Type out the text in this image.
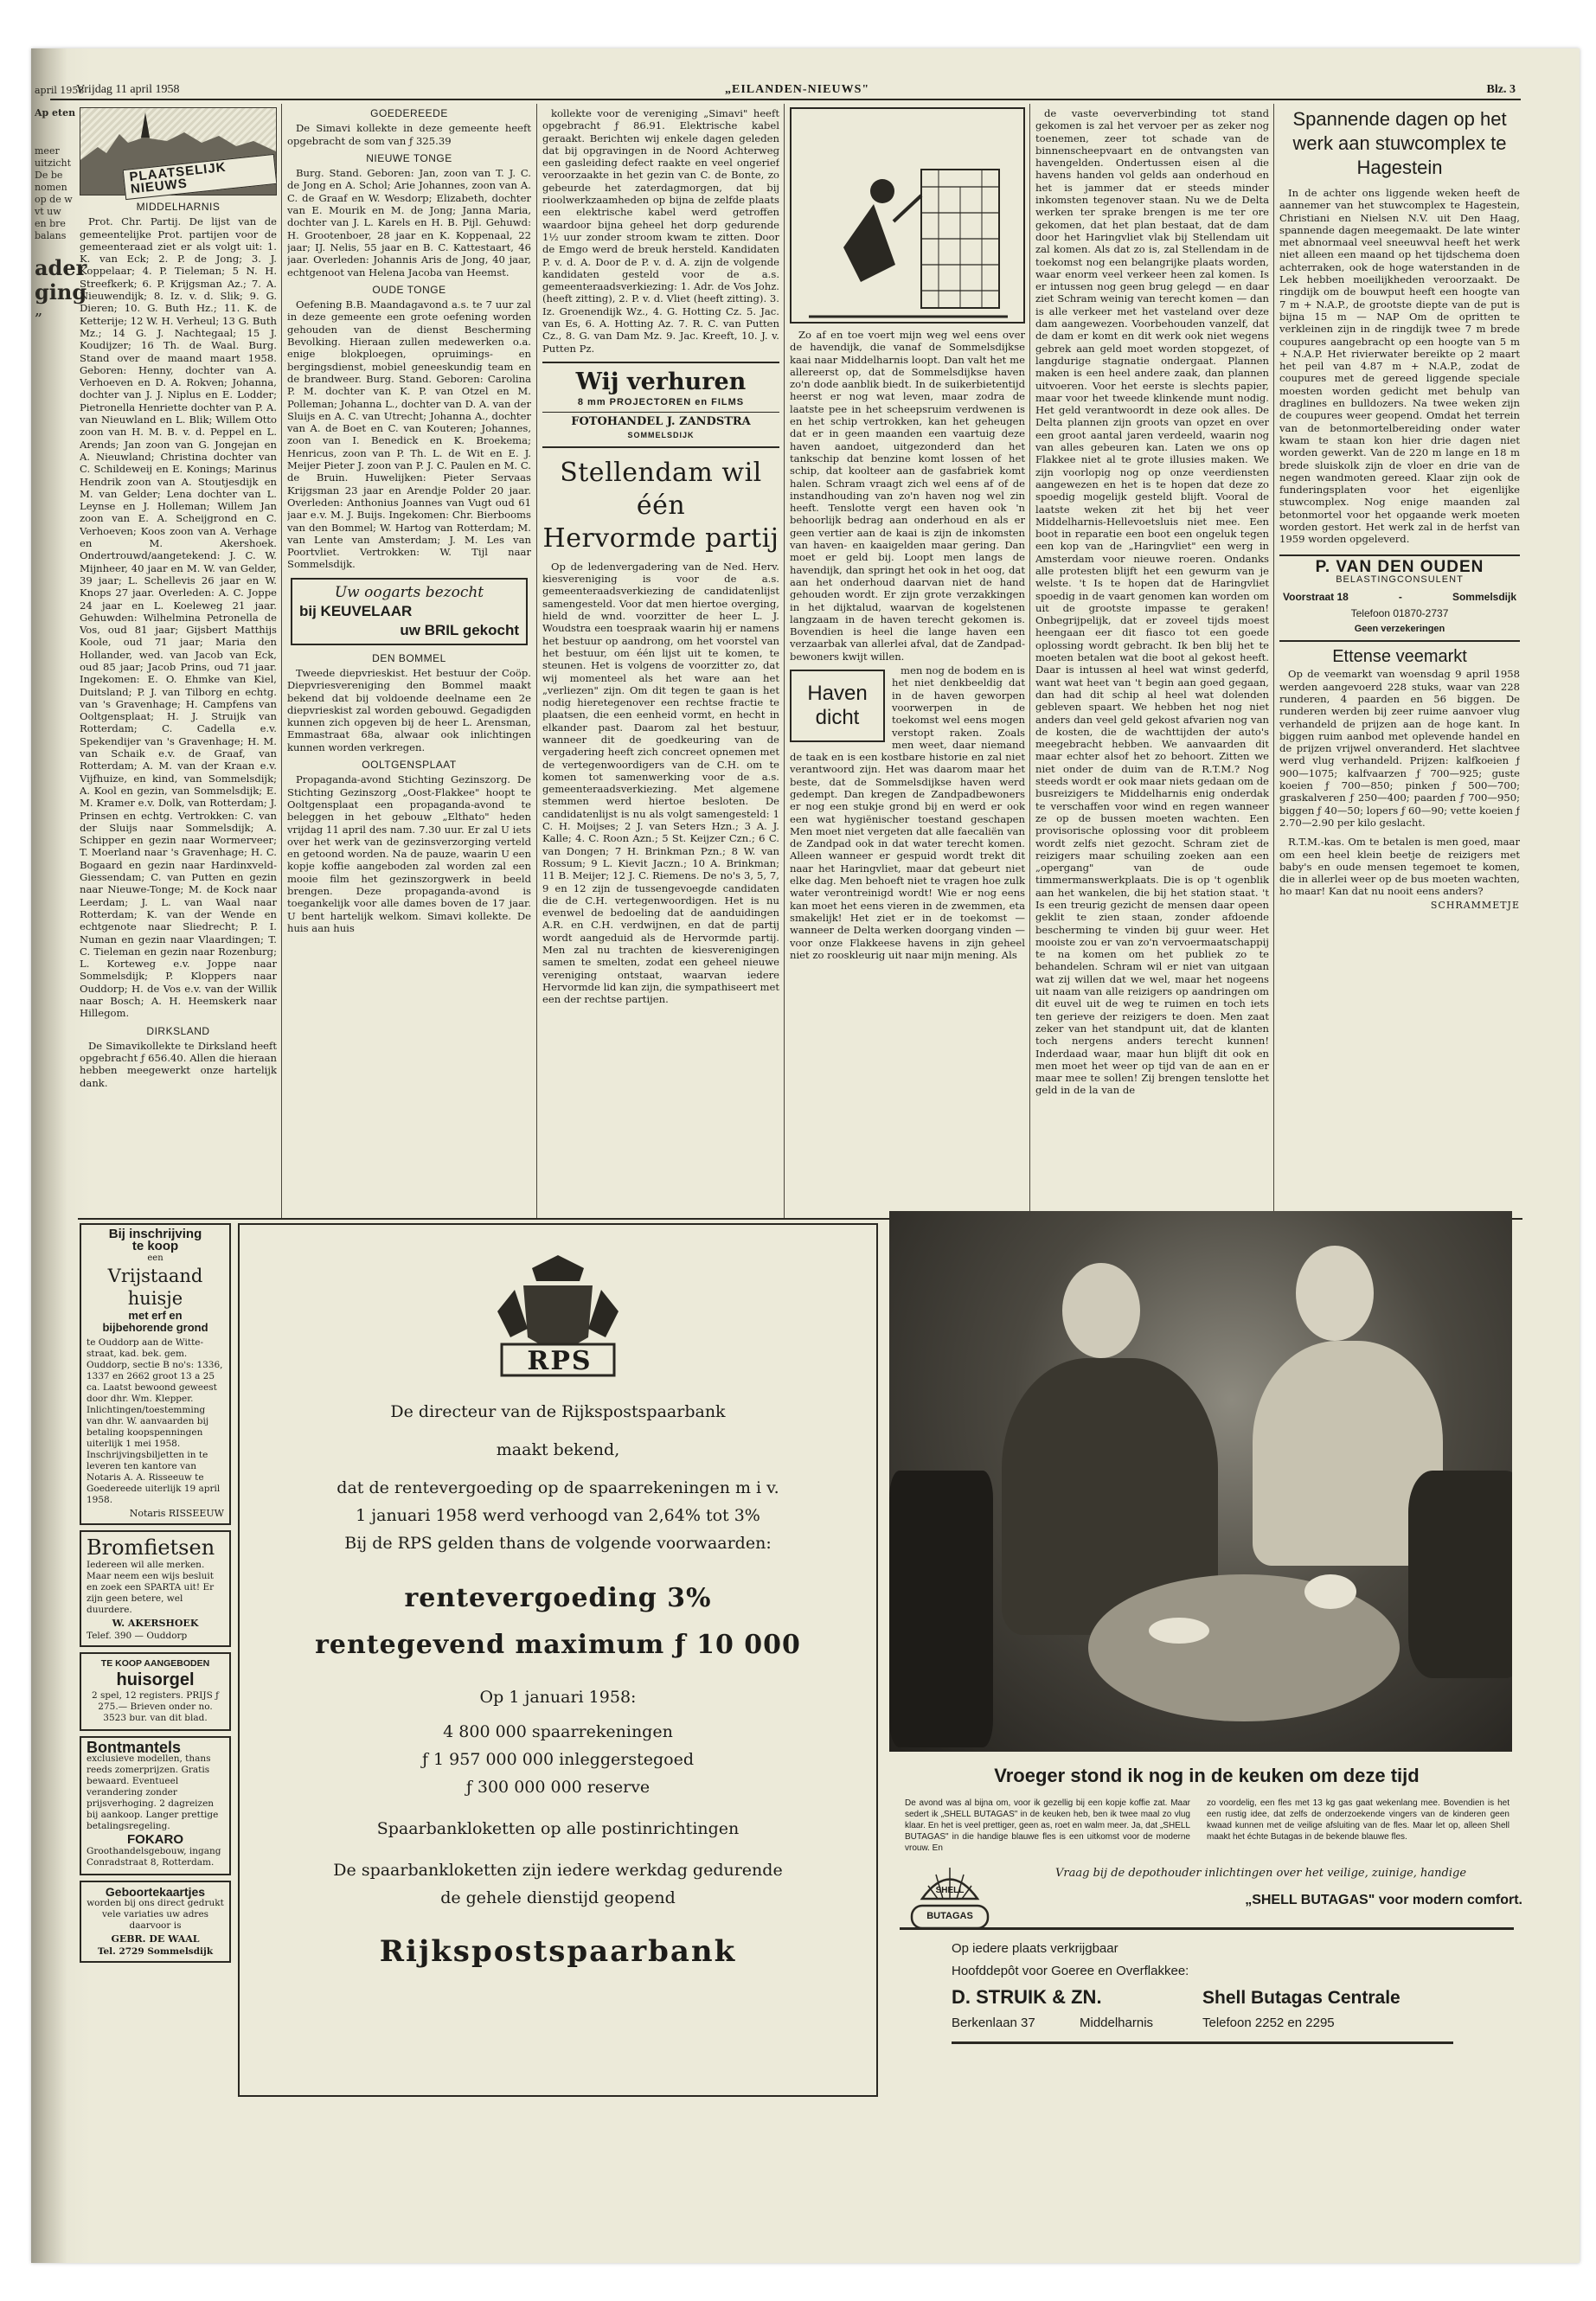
april 1958
Ap eten
meer
uitzicht
De be
nomen
op de w
vt uw
en bre
balans
ader
ging
„
Vrijdag 11 april 1958	„EILANDEN-NIEUWS"	Blz. 3
PLAATSELIJK NIEUWS
MIDDELHARNIS

Prot. Chr. Partij. De lijst van de gemeentelijke Prot. partijen voor de gemeenteraad ziet er als volgt uit: 1. K. van Eck; 2. P. de Jong; 3. J. Koppelaar; 4. P. Tieleman; 5 N. H. Streefkerk; 6. P. Krijgsman Az.; 7. A. Nieuwendijk; 8. Iz. v. d. Slik; 9. G. Dieren; 10. G. Buth Hz.; 11. K. de Ketterije; 12 W. H. Verheul; 13 G. Buth Mz.; 14 G. J. Nachtegaal; 15 J. Koudijzer; 16 Th. de Waal. Burg. Stand over de maand maart 1958. Geboren: Henny, dochter van A. Verhoeven en D. A. Rokven; Johanna, dochter van J. J. Niplus en E. Lodder; Pietronella Henriette dochter van P. A. van Nieuwland en L. Blik; Willem Otto zoon van H. M. B. v. d. Peppel en L. Arends; Jan zoon van G. Jongejan en A. Nieuwland; Christina dochter van C. Schildeweij en E. Konings; Marinus Hendrik zoon van A. Stoutjesdijk en M. van Gelder; Lena dochter van L. Leynse en J. Holleman; Willem Jan zoon van E. A. Scheijgrond en C. Verhoeven; Koos zoon van A. Verhage en M. Akershoek. Ondertrouwd/aangetekend: J. C. W. Mijnheer, 40 jaar en M. W. van Gelder, 39 jaar; L. Schellevis 26 jaar en W. Knops 27 jaar. Overleden: A. C. Joppe 24 jaar en L. Koeleweg 21 jaar. Gehuwden: Wilhelmina Petronella de Vos, oud 81 jaar; Gijsbert Matthijs Koole, oud 71 jaar; Maria den Hollander, wed. van Jacob van Eck, oud 85 jaar; Jacob Prins, oud 71 jaar. Ingekomen: E. O. Ehmke van Kiel, Duitsland; P. J. van Tilborg en echtg. van 's Gravenhage; H. Campfens van Ooltgensplaat; H. J. Struijk van Rotterdam; C. Cadella e.v. Spekendijer van 's Gravenhage; H. M. van Schaik e.v. de Graaf, van Rotterdam; A. M. van der Kraan e.v. Vijfhuize, en kind, van Sommelsdijk; A. Kool en gezin, van Sommelsdijk; E. M. Kramer e.v. Dolk, van Rotterdam; J. Prinsen en echtg. Vertrokken: C. van der Sluijs naar Sommelsdijk; A. Schipper en gezin naar Wormerveer; T. Moerland naar 's Gravenhage; H. C. Bogaard en gezin naar Hardinxveld-Giessendam; C. van Putten en gezin naar Nieuwe-Tonge; M. de Kock naar Leerdam; J. L. van Waal naar Rotterdam; K. van der Wende en echtgenote naar Sliedrecht; P. I. Numan en gezin naar Vlaardingen; T. C. Tieleman en gezin naar Rozenburg; L. Korteweg e.v. Joppe naar Sommelsdijk; P. Kloppers naar Ouddorp; H. de Vos e.v. van der Willik naar Bosch; A. H. Heemskerk naar Hillegom.

DIRKSLAND

De Simavikollekte te Dirksland heeft opgebracht ƒ 656.40. Allen die hieraan hebben meegewerkt onze hartelijk dank.

GOEDEREEDE

De Simavi kollekte in deze gemeente heeft opgebracht de som van ƒ 325.39

NIEUWE TONGE

Burg. Stand. Geboren: Jan, zoon van T. J. C. de Jong en A. Schol; Arie Johannes, zoon van A. C. de Graaf en W. Wesdorp; Elizabeth, dochter van E. Mourik en M. de Jong; Janna Maria, dochter van J. L. Karels en H. B. Pijl. Gehuwd: H. Grootenboer, 28 jaar en K. Koppenaal, 22 jaar; IJ. Nelis, 55 jaar en B. C. Kattestaart, 46 jaar. Overleden: Johannis Aris de Jong, 40 jaar, echtgenoot van Helena Jacoba van Heemst.

OUDE TONGE

Oefening B.B. Maandagavond a.s. te 7 uur zal in deze gemeente een grote oefening worden gehouden van de dienst Bescherming Bevolking. Hieraan zullen medewerken o.a. enige blokploegen, opruimings- en bergingsdienst, mobiel geneeskundig team en de brandweer. Burg. Stand. Geboren: Carolina P. M. dochter van K. P. van Otzel en M. Polleman; Johanna L., dochter van D. A. van der Sluijs en A. C. van Utrecht; Johanna A., dochter van A. de Boet en C. van Kouteren; Johannes, zoon van I. Benedick en K. Broekema; Henricus, zoon van P. Th. L. de Wit en E. J. Meijer Pieter J. zoon van P. J. C. Paulen en M. C. de Bruin. Huwelijken: Pieter Servaas Krijgsman 23 jaar en Arendje Polder 20 jaar. Overleden: Anthonius Joannes van Vugt oud 61 jaar e.v. M. J. Buijs. Ingekomen: Chr. Bierbooms van den Bommel; W. Hartog van Rotterdam; M. van Lente van Amsterdam; J. M. Les van Poortvliet. Vertrokken: W. Tijl naar Sommelsdijk.

Uw oogarts bezocht
bij KEUVELAAR
uw BRIL gekocht
DEN BOMMEL

Tweede diepvrieskist. Het bestuur der Coöp. Diepvriesvereniging den Bommel maakt bekend dat bij voldoende deelname een 2e diepvrieskist zal worden gebouwd. Gegadigden kunnen zich opgeven bij de heer L. Arensman, Emmastraat 68a, alwaar ook inlichtingen kunnen worden verkregen.

OOLTGENSPLAAT

Propaganda-avond Stichting Gezinszorg. De Stichting Gezinszorg „Oost-Flakkee" hoopt te Ooltgensplaat een propaganda-avond te beleggen in het gebouw „Elthato" heden vrijdag 11 april des nam. 7.30 uur. Er zal U iets over het werk van de gezinsverzorging verteld en getoond worden. Na de pauze, waarin U een kopje koffie aangeboden zal worden zal een mooie film het gezinszorgwerk in beeld brengen. Deze propaganda-avond is toegankelijk voor alle dames boven de 17 jaar. U bent hartelijk welkom. Simavi kollekte. De huis aan huis

kollekte voor de vereniging „Simavi" heeft opgebracht ƒ 86.91. Elektrische kabel geraakt. Berichten wij enkele dagen geleden dat bij opgravingen in de Noord Achterweg een gasleiding defect raakte en veel ongerief veroorzaakte in het gezin van C. de Bonte, zo gebeurde het zaterdagmorgen, dat bij rioolwerkzaamheden op bijna de zelfde plaats een elektrische kabel werd getroffen waardoor bijna geheel het dorp gedurende 1½ uur zonder stroom kwam te zitten. Door de Emgo werd de breuk hersteld. Kandidaten P. v. d. A. Door de P. v. d. A. zijn de volgende kandidaten gesteld voor de a.s. gemeenteraadsverkiezing: 1. Adr. de Vos Johz. (heeft zitting), 2. P. v. d. Vliet (heeft zitting). 3. Iz. Groenendijk Wz., 4. G. Hotting Cz. 5. Jac. van Es, 6. A. Hotting Az. 7. R. C. van Putten Cz., 8. G. van Dam Mz. 9. Jac. Kreeft, 10. J. v. Putten Pz.

Wij verhuren
8 mm PROJECTOREN en FILMS
FOTOHANDEL J. ZANDSTRA
SOMMELSDIJK
Stellendam wil één
Hervormde partij

Op de ledenvergadering van de Ned. Herv. kiesvereniging is voor de a.s. gemeenteraadsverkiezing de candidatenlijst samengesteld. Voor dat men hiertoe overging, hield de wnd. voorzitter de heer L. J. Woudstra een toespraak waarin hij er namens het bestuur op aandrong, om het voorstel van het bestuur, om één lijst uit te komen, te steunen. Het is volgens de voorzitter zo, dat wij momenteel als het ware aan het „verliezen" zijn. Om dit tegen te gaan is het nodig hieretegenover een rechtse fractie te plaatsen, die een eenheid vormt, en hecht in elkander past. Daarom zal het bestuur, wanneer dit de goedkeuring van de vergadering heeft zich concreet opnemen met de vertegenwoordigers van de C.H. om te komen tot samenwerking voor de a.s. gemeenteraadsverkiezing. Met algemene stemmen werd hiertoe besloten. De candidatenlijst is nu als volgt samengesteld: 1 C. H. Moijses; 2 J. van Seters Hzn.; 3 A. J. Kalle; 4. C. Roon Azn.; 5 St. Keijzer Czn.; 6 C. van Dongen; 7 H. Brinkman Pzn.; 8 W. van Rossum; 9 L. Kievit Jaczn.; 10 A. Brinkman; 11 B. Meijer; 12 J. C. Riemens. De no's 3, 5, 7, 9 en 12 zijn de tussengevoegde candidaten die de C.H. vertegenwoordigen. Het is nu evenwel de bedoeling dat de aanduidingen A.R. en C.H. verdwijnen, en dat de partij wordt aangeduid als de Hervormde partij. Men zal nu trachten de kiesverenigingen samen te smelten, zodat een geheel nieuwe vereniging ontstaat, waarvan iedere Hervormde lid kan zijn, die sympathiseert met een der rechtse partijen.

Zo af en toe voert mijn weg wel eens over de havendijk, die vanaf de Sommelsdijkse kaai naar Middelharnis loopt. Dan valt het me allereerst op, dat de Sommelsdijkse haven zo'n dode aanblik biedt. In de suikerbietentijd heerst er nog wat leven, maar zodra de laatste pee in het scheepsruim verdwenen is en het schip vertrokken, kan het geheugen dat er in geen maanden een vaartuig deze haven aandoet, uitgezonderd dan het tankschip dat benzine komt lossen of het schip, dat koolteer aan de gasfabriek komt halen. Schram vraagt zich wel eens af of de instandhouding van zo'n haven nog wel zin heeft. Tenslotte vergt een haven ook 'n behoorlijk bedrag aan onderhoud en als er geen vertier aan de kaai is zijn de inkomsten van haven- en kaaigelden maar gering. Dan moet er geld bij. Loopt men langs de havendijk, dan springt het ook in het oog, dat aan het onderhoud daarvan niet de hand gehouden wordt. Er zijn grote verzakkingen in het dijktalud, waarvan de kogelstenen langzaam in de haven terecht gekomen is. Bovendien is heel die lange haven een verzaarbak van allerlei afval, dat de Zandpad-bewoners kwijt willen.

Haven dicht

men nog de bodem en is het niet denkbeeldig dat in de haven geworpen voorwerpen in de toekomst wel eens mogen verstopt raken. Zoals men weet, daar niemand de taak en is een kostbare historie en zal niet verantwoord zijn. Het was daarom maar het beste, dat de Sommelsdijkse haven werd gedempt. Dan kregen de Zandpadbewoners er nog een stukje grond bij en werd er ook een wat hygiënischer toestand geschapen Men moet niet vergeten dat alle faecaliën van de Zandpad ook in dat water terecht komen. Alleen wanneer er gespuid wordt trekt dit naar het Haringvliet, maar dat gebeurt niet elke dag. Men behoeft niet te vragen hoe zulk water verontreinigd wordt! Wie er nog eens kan moet het eens vieren in de zwemmen, eta smakelijk! Het ziet er in de toekomst — wanneer de Delta werken doorgang vinden — voor onze Flakkeese havens in zijn geheel niet zo rooskleurig uit naar mijn mening. Als

de vaste oeververbinding tot stand gekomen is zal het vervoer per as zeker nog toenemen, zeer tot schade van de binnenscheepvaart en de ontvangsten van havengelden. Ondertussen eisen al die havens handen vol gelds aan onderhoud en het is jammer dat er steeds minder inkomsten tegenover staan. Nu we de Delta werken ter sprake brengen is me ter ore gekomen, dat het plan bestaat, dat de dam door het Haringvliet vlak bij Stellendam uit zal komen. Als dat zo is, zal Stellendam in de toekomst nog een belangrijke plaats worden, waar enorm veel verkeer heen zal komen. Is er intussen nog geen brug gelegd — en daar ziet Schram weinig van terecht komen — dan is alle verkeer met het vasteland over deze dam aangewezen. Voorbehouden vanzelf, dat de dam er komt en dit werk ook niet wegens gebrek aan geld moet worden stopgezet, of langdurige stagnatie ondergaat. Plannen maken is een heel andere zaak, dan plannen uitvoeren. Voor het eerste is slechts papier, maar voor het tweede klinkende munt nodig. Het geld verantwoordt in deze ook alles. De Delta plannen zijn groots van opzet en over een groot aantal jaren verdeeld, waarin nog van alles gebeuren kan. Laten we ons op Flakkee niet al te grote illusies maken. We zijn voorlopig nog op onze veerdiensten aangewezen en het is te hopen dat deze zo spoedig mogelijk gesteld blijft. Vooral de laatste weken zit het bij het veer Middelharnis-Hellevoetsluis niet mee. Een boot in reparatie een boot een ongeluk tegen een kop van de „Haringvliet" een werg in Amsterdam voor nieuwe roeren. Ondanks alle protesten blijft het een gewurm van je welste. 't Is te hopen dat de Haringvliet spoedig in de vaart genomen kan worden om uit de grootste impasse te geraken! Onbegrijpelijk, dat er zoveel tijds moest heengaan eer dit fiasco tot een goede oplossing wordt gebracht. Ik ben blij het te moeten betalen wat die boot al gekost heeft. Daar is intussen al heel wat winst gederfd, want wat heet van 't begin aan goed gegaan, dan had dit schip al heel wat dolenden gebleven spaart. We hebben het nog niet anders dan veel geld gekost afvarien nog van de kosten, die de wachttijden der auto's meegebracht hebben. We aanvaarden dit maar echter alsof het zo behoort. Zitten we niet onder de duim van de R.T.M.? Nog steeds wordt er ook maar niets gedaan om de busreizigers te Middelharnis enig onderdak te verschaffen voor wind en regen wanneer ze op de bussen moeten wachten. Een provisorische oplossing voor dit probleem wordt zelfs niet gezocht. Schram ziet de reizigers maar schuiling zoeken aan een „opergang" van de oude timmermanswerkplaats. Die is op 't ogenblik aan het wankelen, die bij het station staat. 't Is een treurig gezicht de mensen daar opeen geklit te zien staan, zonder afdoende bescherming te vinden bij guur weer. Het mooiste zou er van zo'n vervoermaatschappij te na komen om het publiek zo te behandelen. Schram wil er niet van uitgaan wat zij willen dat we wel, maar het nogeens uit naam van alle reizigers op aandringen om dit euvel uit de weg te ruimen en toch iets ten gerieve der reizigers te doen. Men zaat zeker van het standpunt uit, dat de klanten toch nergens anders terecht kunnen! Inderdaad waar, maar hun blijft dit ook en men moet het weer op tijd van de aan en er maar mee te sollen! Zij brengen tenslotte het geld in de la van de

Spannende dagen op het werk aan stuwcomplex te Hagestein

In de achter ons liggende weken heeft de aannemer van het stuwcomplex te Hagestein, Christiani en Nielsen N.V. uit Den Haag, spannende dagen meegemaakt. De late winter met abnormaal veel sneeuwval heeft het werk niet alleen een maand op het tijdschema doen achterraken, ook de hoge waterstanden in de Lek hebben moeilijkheden veroorzaakt. De ringdijk om de bouwput heeft een hoogte van 7 m + N.A.P., de grootste diepte van de put is bijna 15 m — NAP Om de opritten te verkleinen zijn in de ringdijk twee 7 m brede coupures aangebracht op een hoogte van 5 m + N.A.P. Het rivierwater bereikte op 2 maart het peil van 4.87 m + N.A.P., zodat de coupures met de gereed liggende speciale moesten worden gedicht met behulp van draglines en bulldozers. Na twee weken zijn de coupures weer geopend. Omdat het terrein van de betonmortelbereiding onder water kwam te staan kon hier drie dagen niet worden gewerkt. Van de 220 m lange en 18 m brede sluiskolk zijn de vloer en drie van de negen wandmoten gereed. Klaar zijn ook de funderingsplaten voor het eigenlijke stuwcomplex. Nog enige maanden zal betonmortel voor het opgaande werk moeten worden gestort. Het werk zal in de herfst van 1959 worden opgeleverd.

P. VAN DEN OUDEN
BELASTINGCONSULENT
Voorstraat 18	-	Sommelsdijk
Telefoon 01870-2737
Geen verzekeringen
Ettense veemarkt

Op de veemarkt van woensdag 9 april 1958 werden aangevoerd 228 stuks, waar van 228 runderen, 4 paarden en 56 biggen. De runderen werden bij zeer ruime aanvoer vlug verhandeld de prijzen aan de hoge kant. In biggen ruim aanbod met oplevende handel en de prijzen vrijwel onveranderd. Het slachtvee werd vlug verhandeld. Prijzen: kalfkoeien ƒ 900—1075; kalfvaarzen ƒ 700—925; guste koeien ƒ 700—850; pinken ƒ 500—700; graskalveren ƒ 250—400; paarden ƒ 700—950; biggen ƒ 40—50; lopers ƒ 60—90; vette koeien ƒ 2.70—2.90 per kilo geslacht.

R.T.M.-kas. Om te betalen is men goed, maar om een heel klein beetje de reizigers met baby's en oude mensen tegemoet te komen, die in allerlei weer op de bus moeten wachten, ho maar! Kan dat nu nooit eens anders?

SCHRAMMETJE
Bij inschrijving
te koop
een
Vrijstaand huisje
met erf en
bijbehorende grond

te Ouddorp aan de Witte-straat, kad. bek. gem. Ouddorp, sectie B no's: 1336, 1337 en 2662 groot 13 a 25 ca. Laatst bewoond geweest door dhr. Wm. Klepper. Inlichtingen/toestemming van dhr. W. aanvaarden bij betaling koopspenningen uiterlijk 1 mei 1958. Inschrijvingsbiljetten in te leveren ten kantore van Notaris A. A. Risseeuw te Goedereede uiterlijk 19 april 1958.

Notaris RISSEEUW
Bromfietsen

Iedereen wil alle merken. Maar neem een wijs besluit en zoek een SPARTA uit! Er zijn geen betere, wel duurdere.

W. AKERSHOEK
Telef. 390 — Ouddorp
TE KOOP AANGEBODEN
huisorgel

2 spel, 12 registers. PRIJS ƒ 275.— Brieven onder no. 3523 bur. van dit blad.

Bontmantels

exclusieve modellen, thans reeds zomerprijzen. Gratis bewaard. Eventueel verandering zonder prijsverhoging. 2 dagreizen bij aankoop. Langer prettige betalingsregeling.

FOKARO

Groothandelsgebouw, ingang Conradstraat 8, Rotterdam.

Geboortekaartjes

worden bij ons direct gedrukt vele variaties uw adres daarvoor is

GEBR. DE WAAL
Tel. 2729 Sommelsdijk
RPS
De directeur van de Rijkspostspaarbank
maakt bekend,
dat de rentevergoeding op de spaarrekeningen m i v.
1 januari 1958 werd verhoogd van 2,64% tot 3%
Bij de RPS gelden thans de volgende voorwaarden:
rentevergoeding 3%
rentegevend maximum ƒ 10 000
Op 1 januari 1958:
4 800 000 spaarrekeningen
ƒ 1 957 000 000 inleggerstegoed
ƒ 300 000 000 reserve
Spaarbankloketten op alle postinrichtingen
De spaarbankloketten zijn iedere werkdag gedurende
de gehele dienstijd geopend
Rijkspostspaarbank
Vroeger stond ik nog in de keuken om deze tijd
De avond was al bijna om, voor ik gezellig bij een kopje koffie zat. Maar sedert ik „SHELL BUTAGAS" in de keuken heb, ben ik twee maal zo vlug klaar. En het is veel prettiger, geen as, roet en walm meer. Ja, dat „SHELL BUTAGAS" in die handige blauwe fles is een uitkomst voor de moderne vrouw. En
zo voordelig, een fles met 13 kg gas gaat wekenlang mee. Bovendien is het een rustig idee, dat zelfs de onderzoekende vingers van de kinderen geen kwaad kunnen met de veilige afsluiting van de fles. Maar let op, alleen Shell maakt het échte Butagas in de bekende blauwe fles.
SHELL
BUTAGAS
Vraag bij de depothouder inlichtingen over het veilige, zuinige, handige
„SHELL BUTAGAS" voor modern comfort.
Op iedere plaats verkrijgbaar
Hoofddepôt voor Goeree en Overflakkee:
D. STRUIK & ZN.	Shell Butagas Centrale
Berkenlaan 37	Middelharnis	Telefoon 2252 en 2295
